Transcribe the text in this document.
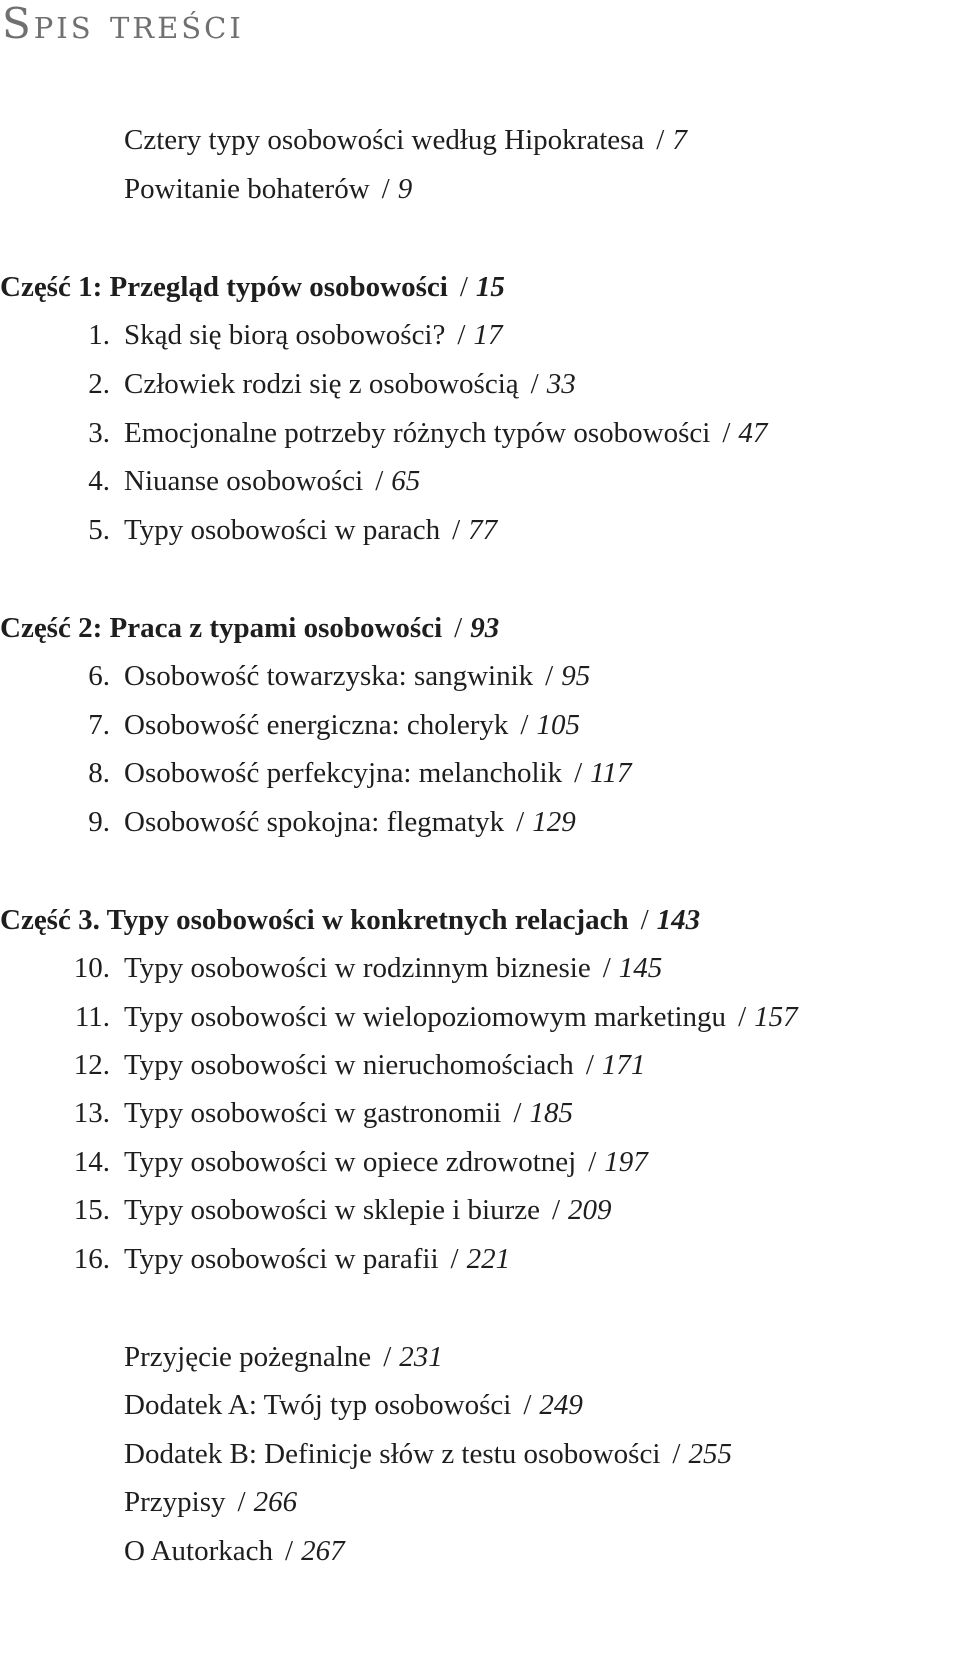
Spis treści
Cztery typy osobowości według Hipokratesa / 7
Powitanie bohaterów / 9
Część 1: Przegląd typów osobowości / 15
1. Skąd się biorą osobowości? / 17
2. Człowiek rodzi się z osobowością / 33
3. Emocjonalne potrzeby różnych typów osobowości / 47
4. Niuanse osobowości / 65
5. Typy osobowości w parach / 77
Część 2: Praca z typami osobowości / 93
6. Osobowość towarzyska: sangwinik / 95
7. Osobowość energiczna: choleryk / 105
8. Osobowość perfekcyjna: melancholik / 117
9. Osobowość spokojna: flegmatyk / 129
Część 3. Typy osobowości w konkretnych relacjach / 143
10. Typy osobowości w rodzinnym biznesie / 145
11. Typy osobowości w wielopoziomowym marketingu / 157
12. Typy osobowości w nieruchomościach / 171
13. Typy osobowości w gastronomii / 185
14. Typy osobowości w opiece zdrowotnej / 197
15. Typy osobowości w sklepie i biurze / 209
16. Typy osobowości w parafii / 221
Przyjęcie pożegnalne / 231
Dodatek A: Twój typ osobowości / 249
Dodatek B: Definicje słów z testu osobowości / 255
Przypisy / 266
O Autorkach / 267
